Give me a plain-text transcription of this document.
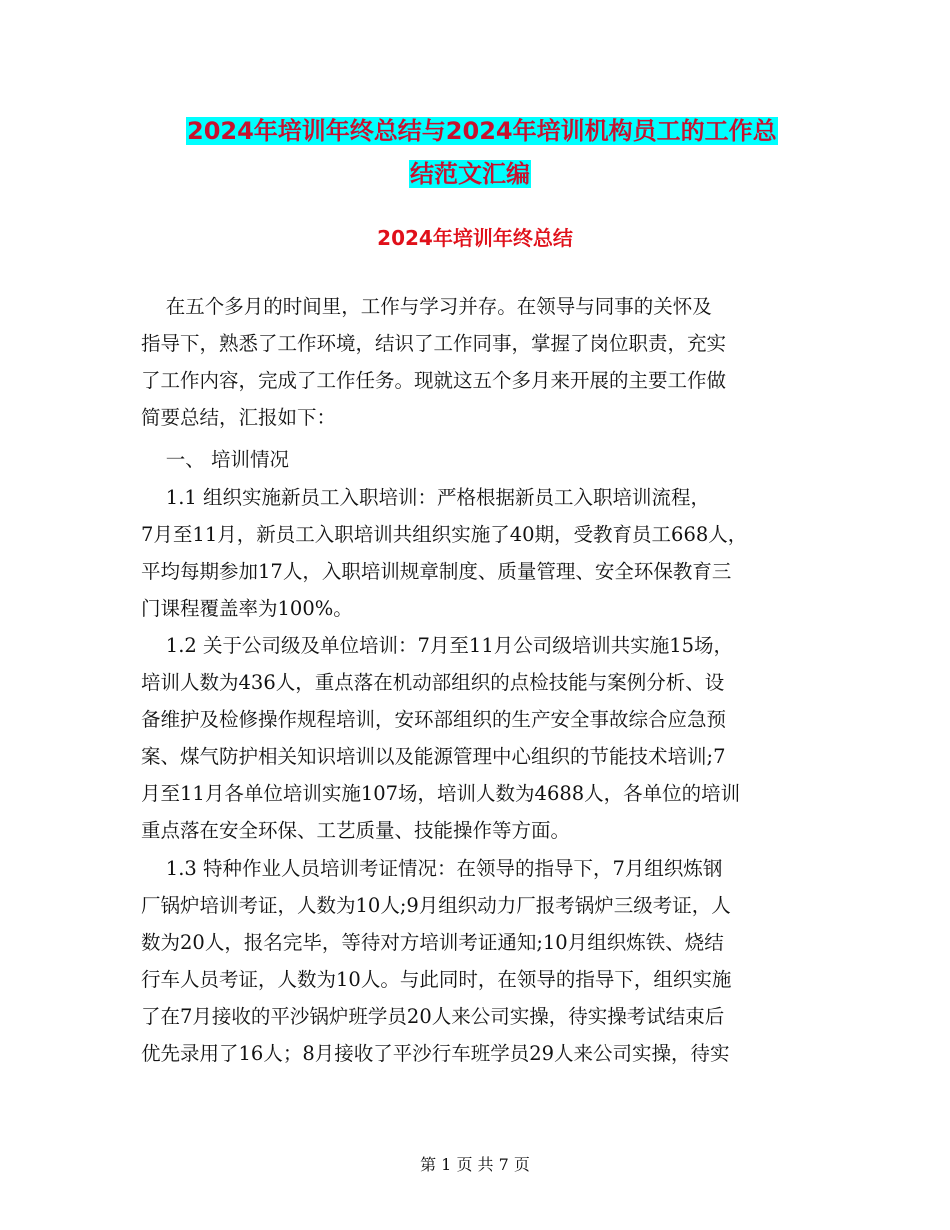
2024年培训年终总结与2024年培训机构员工的工作总
结范文汇编
2024年培训年终总结
在五个多月的时间里，工作与学习并存。在领导与同事的关怀及
指导下，熟悉了工作环境，结识了工作同事，掌握了岗位职责，充实
了工作内容，完成了工作任务。现就这五个多月来开展的主要工作做
简要总结，汇报如下：
一、 培训情况
1.1 组织实施新员工入职培训：严格根据新员工入职培训流程，
7月至11月，新员工入职培训共组织实施了40期，受教育员工668人，
平均每期参加17人，入职培训规章制度、质量管理、安全环保教育三
门课程覆盖率为100%。
1.2 关于公司级及单位培训：7月至11月公司级培训共实施15场，
培训人数为436人，重点落在机动部组织的点检技能与案例分析、设
备维护及检修操作规程培训，安环部组织的生产安全事故综合应急预
案、煤气防护相关知识培训以及能源管理中心组织的节能技术培训;7
月至11月各单位培训实施107场，培训人数为4688人，各单位的培训
重点落在安全环保、工艺质量、技能操作等方面。
1.3 特种作业人员培训考证情况：在领导的指导下，7月组织炼钢
厂锅炉培训考证，人数为10人;9月组织动力厂报考锅炉三级考证，人
数为20人，报名完毕，等待对方培训考证通知;10月组织炼铁、烧结
行车人员考证，人数为10人。与此同时，在领导的指导下，组织实施
了在7月接收的平沙锅炉班学员20人来公司实操，待实操考试结束后
优先录用了16人；8月接收了平沙行车班学员29人来公司实操，待实
第 1 页 共 7 页
